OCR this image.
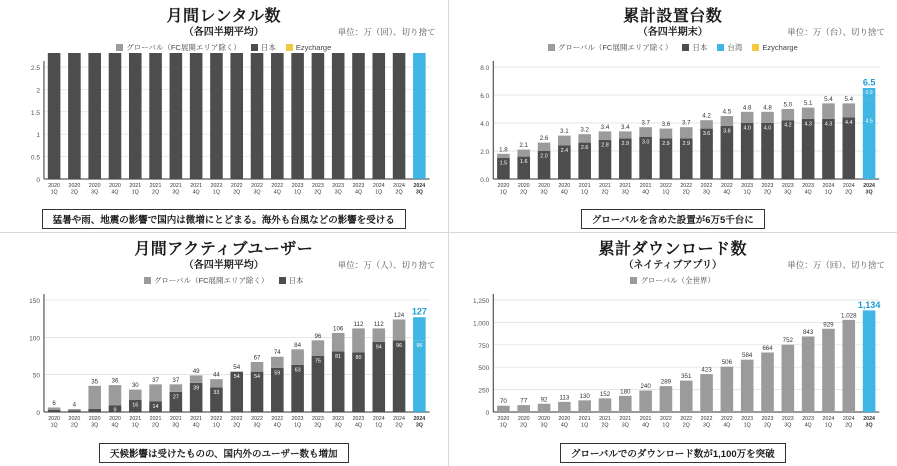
月間レンタル数
（各四半期平均）	単位：万（回）、切り捨て
グローバル（FC展開エリア除く）	日本	Ezycharge
0
0.5
1
1.5
2
2.5
2020
1Q
2020
2Q
2020
3Q
2020
4Q
2021
1Q
2021
2Q
2021
3Q
2021
4Q
2022
1Q
2022
2Q
2022
3Q
2022
4Q
2023
1Q
2023
2Q
2023
3Q
2023
4Q
2024
1Q
2024
2Q
2024
3Q
猛暑や雨、地震の影響で国内は微増にとどまる。海外も台風などの影響を受ける
累計設置台数
（各四半期末）	単位：万（台）、切り捨て
グローバル（FC展開エリア除く）	日本	台湾	Ezycharge
0.0
2.0
4.0
6.0
8.0
1.5
1.8
2020
1Q
1.6
2.1
2020
2Q
2.0
2.6
2020
3Q
2.4
3.1
2020
4Q
2.6
3.2
2021
1Q
2.8
3.4
2021
2Q
2.9
3.4
2021
3Q
3.0
3.7
2021
4Q
2.9
3.6
2022
1Q
2.9
3.7
2022
2Q
3.6
4.2
2022
3Q
3.8
4.5
2022
4Q
4.0
4.8
2023
1Q
4.0
4.8
2023
2Q
4.2
5.0
2023
3Q
4.3
5.1
2023
4Q
4.3
5.4
2024
1Q
4.4
5.4
2024
2Q
4.5
0.9
6.5
2024
3Q
グローバルを含めた設置が6万5千台に
月間アクティブユーザー
（各四半期平均）	単位：万（人）、切り捨て
グローバル（FC展開エリア除く）	日本
0
50
100
150
6
2020
1Q
4
2020
2Q
35
2020
3Q
9
36
2020
4Q
16
30
2021
1Q
14
37
2021
2Q
27
37
2021
3Q
39
49
2021
4Q
33
44
2022
1Q
54
54
2022
2Q
54
67
2022
3Q
59
74
2022
4Q
63
84
2023
1Q
75
96
2023
2Q
81
106
2023
3Q
80
112
2023
4Q
94
112
2024
1Q
96
124
2024
2Q
96
127
2024
3Q
天候影響は受けたものの、国内外のユーザー数も増加
累計ダウンロード数
（ネイティブアプリ）	単位：万（回）、切り捨て
グローバル（全世界）
0
250
500
750
1,000
1,250
70
2020
1Q
77
2020
2Q
92
2020
3Q
113
2020
4Q
130
2021
1Q
152
2021
2Q
180
2021
3Q
240
2021
4Q
289
2022
1Q
351
2022
2Q
423
2022
3Q
506
2022
4Q
584
2023
1Q
664
2023
2Q
752
2023
3Q
843
2023
4Q
929
2024
1Q
1,028
2024
2Q
1,134
2024
3Q
グローバルでのダウンロード数が1,100万を突破
